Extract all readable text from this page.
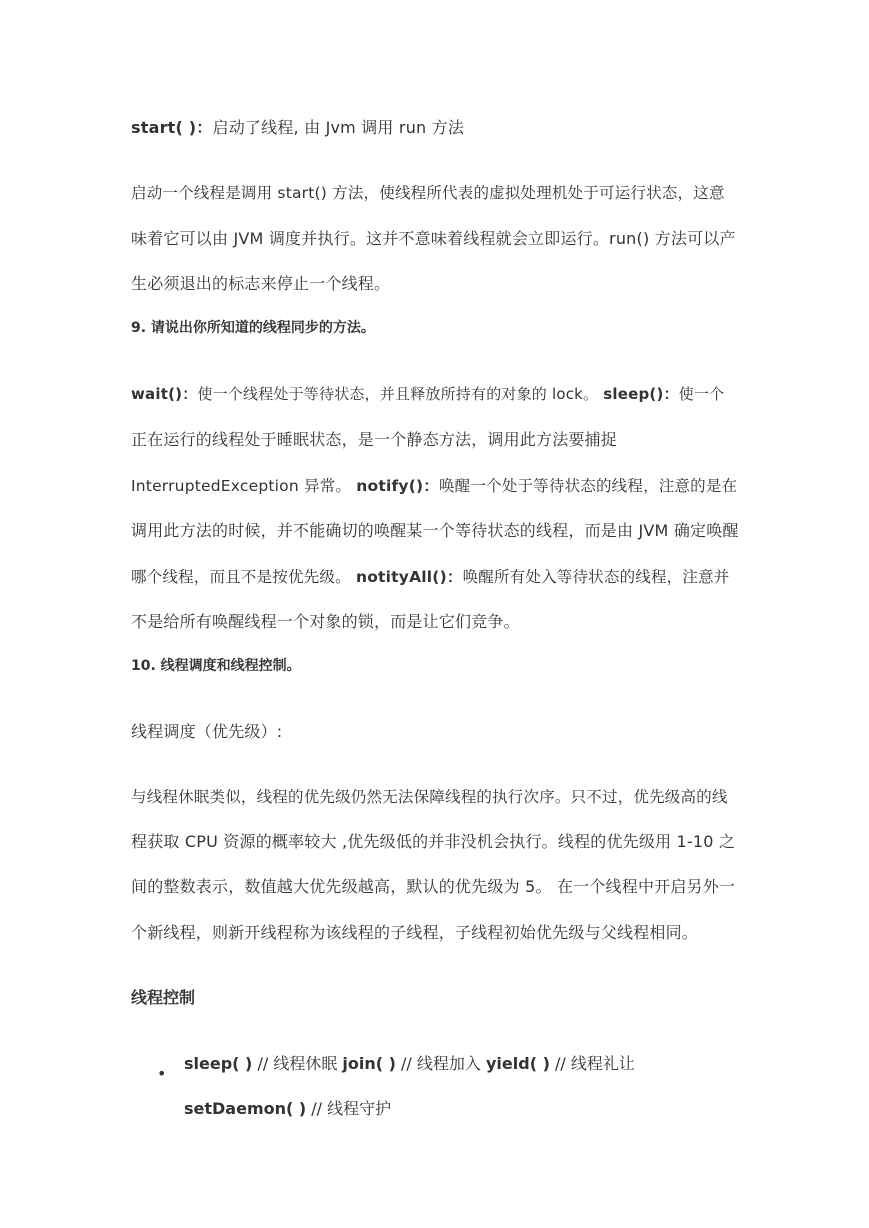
start( )：启动了线程, 由 Jvm 调用 run 方法
启动一个线程是调用 start() 方法，使线程所代表的虚拟处理机处于可运行状态，这意
味着它可以由 JVM 调度并执行。这并不意味着线程就会立即运行。run() 方法可以产
生必须退出的标志来停止一个线程。
9. 请说出你所知道的线程同步的方法。
wait()：使一个线程处于等待状态，并且释放所持有的对象的 lock。 sleep()：使一个
正在运行的线程处于睡眠状态，是一个静态方法，调用此方法要捕捉
InterruptedException 异常。 notify()：唤醒一个处于等待状态的线程，注意的是在
调用此方法的时候，并不能确切的唤醒某一个等待状态的线程，而是由 JVM 确定唤醒
哪个线程，而且不是按优先级。 notityAll()：唤醒所有处入等待状态的线程，注意并
不是给所有唤醒线程一个对象的锁，而是让它们竞争。
10. 线程调度和线程控制。
线程调度（优先级）:
与线程休眠类似，线程的优先级仍然无法保障线程的执行次序。只不过，优先级高的线
程获取 CPU 资源的概率较大 ,优先级低的并非没机会执行。线程的优先级用 1-10 之
间的整数表示，数值越大优先级越高，默认的优先级为 5。 在一个线程中开启另外一
个新线程，则新开线程称为该线程的子线程，子线程初始优先级与父线程相同。
线程控制
•
sleep( ) // 线程休眠 join( ) // 线程加入 yield( ) // 线程礼让
setDaemon( ) // 线程守护
